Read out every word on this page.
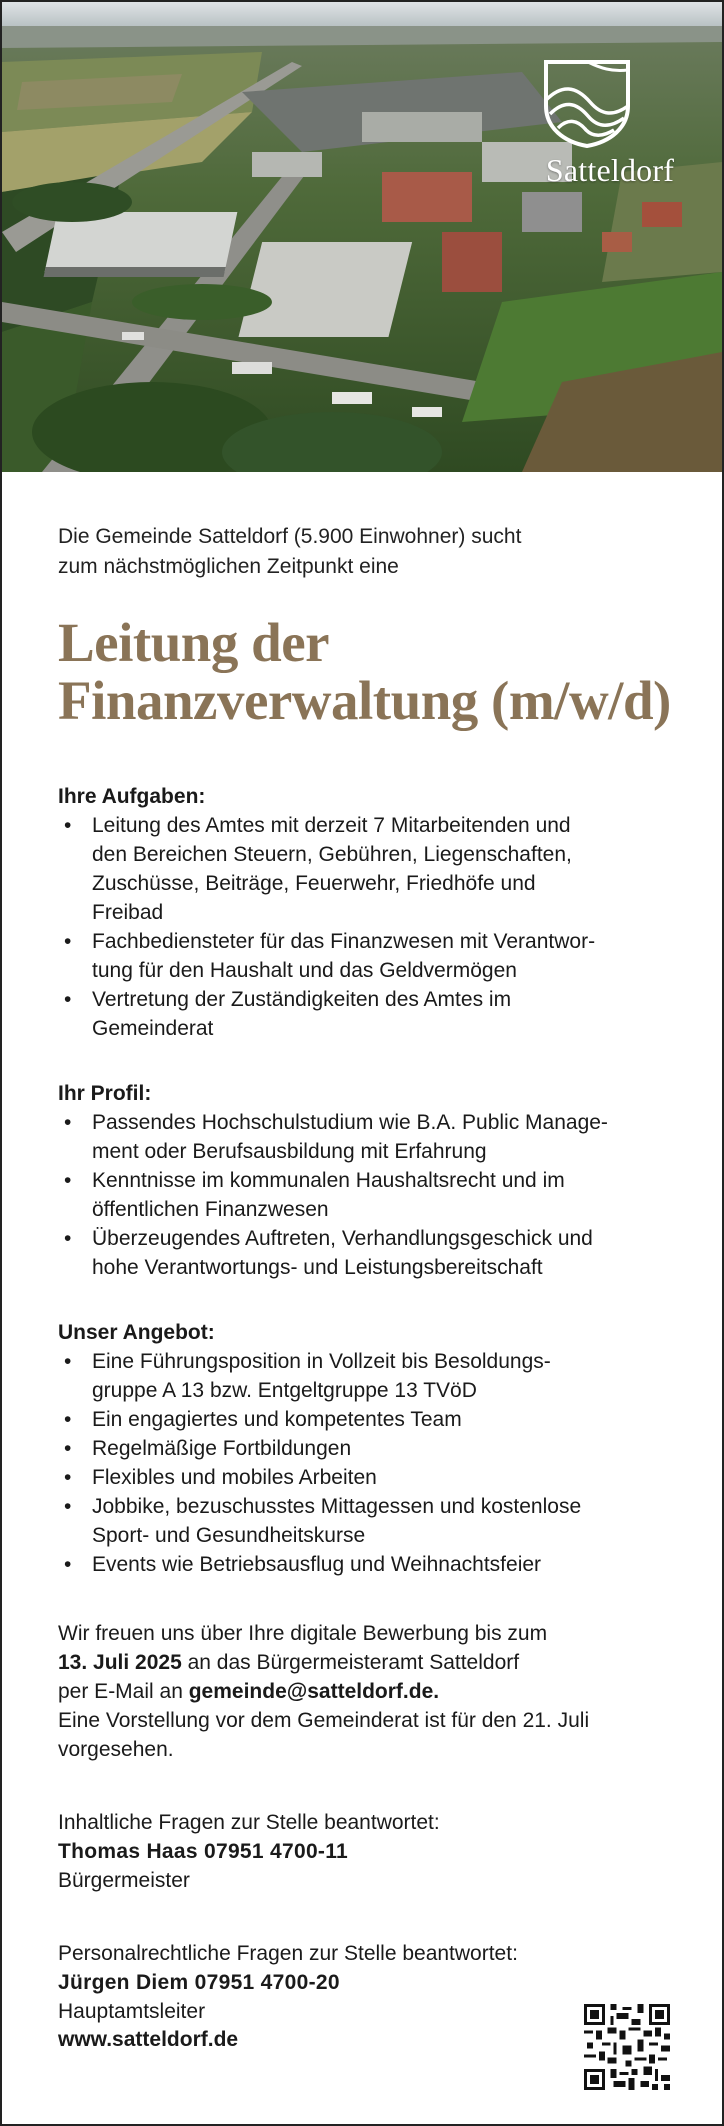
Satteldorf
Die Gemeinde Satteldorf (5.900 Einwohner) sucht
zum nächstmöglichen Zeitpunkt eine
Leitung der
Finanzverwaltung (m/w/d)
Ihre Aufgaben:
• Leitung des Amtes mit derzeit 7 Mitarbeitenden und
den Bereichen Steuern, Gebühren, Liegenschaften,
Zuschüsse, Beiträge, Feuerwehr, Friedhöfe und
Freibad
• Fachbediensteter für das Finanzwesen mit Verantwor-
tung für den Haushalt und das Geldvermögen
• Vertretung der Zuständigkeiten des Amtes im
Gemeinderat
Ihr Profil:
• Passendes Hochschulstudium wie B.A. Public Manage-
ment oder Berufsausbildung mit Erfahrung
• Kenntnisse im kommunalen Haushaltsrecht und im
öffentlichen Finanzwesen
• Überzeugendes Auftreten, Verhandlungsgeschick und
hohe Verantwortungs- und Leistungsbereitschaft
Unser Angebot:
• Eine Führungsposition in Vollzeit bis Besoldungs-
gruppe A 13 bzw. Entgeltgruppe 13 TVöD
• Ein engagiertes und kompetentes Team
• Regelmäßige Fortbildungen
• Flexibles und mobiles Arbeiten
• Jobbike, bezuschusstes Mittagessen und kostenlose
Sport- und Gesundheitskurse
• Events wie Betriebsausflug und Weihnachtsfeier
Wir freuen uns über Ihre digitale Bewerbung bis zum
13. Juli 2025 an das Bürgermeisteramt Satteldorf
per E-Mail an gemeinde@satteldorf.de.
Eine Vorstellung vor dem Gemeinderat ist für den 21. Juli
vorgesehen.
Inhaltliche Fragen zur Stelle beantwortet:
Thomas Haas 07951 4700-11
Bürgermeister
Personalrechtliche Fragen zur Stelle beantwortet:
Jürgen Diem 07951 4700-20
Hauptamtsleiter
www.satteldorf.de
